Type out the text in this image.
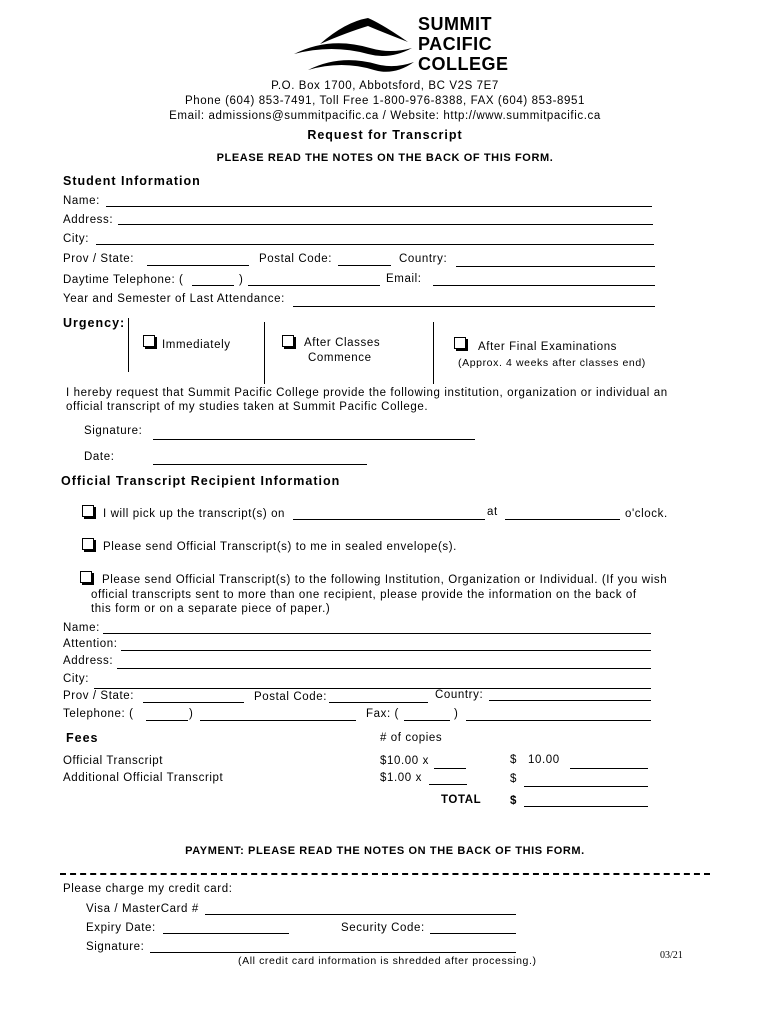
SUMMIT
PACIFIC
COLLEGE
P.O. Box 1700, Abbotsford, BC V2S 7E7
Phone (604) 853-7491, Toll Free 1-800-976-8388, FAX (604) 853-8951
Email: admissions@summitpacific.ca / Website: http://www.summitpacific.ca
Request for Transcript
PLEASE READ THE NOTES ON THE BACK OF THIS FORM.
Student Information
Name:
Address:
City:
Prov / State:	Postal Code:	Country:
Daytime Telephone: (	)	Email:
Year and Semester of Last Attendance:
Urgency:
Immediately	After Classes
Commence
After Final Examinations
(Approx. 4 weeks after classes end)
I hereby request that Summit Pacific College provide the following institution, organization or individual an
official transcript of my studies taken at Summit Pacific College.
Signature:
Date:
Official Transcript Recipient Information
I will pick up the transcript(s) on	at	o'clock.
Please send Official Transcript(s) to me in sealed envelope(s).
Please send Official Transcript(s) to the following Institution, Organization or Individual. (If you wish
official transcripts sent to more than one recipient, please provide the information on the back of
this form or on a separate piece of paper.)
Name:
Attention:
Address:
City:
Prov / State:	Postal Code:	Country:
Telephone: (	)	Fax: (	)
Fees	# of copies
Official Transcript	$10.00 x	$ 10.00
Additional Official Transcript	$1.00 x	$
TOTAL $
PAYMENT: PLEASE READ THE NOTES ON THE BACK OF THIS FORM.
Please charge my credit card:
Visa / MasterCard #
Expiry Date:	Security Code:
Signature:
(All credit card information is shredded after processing.)	03/21
